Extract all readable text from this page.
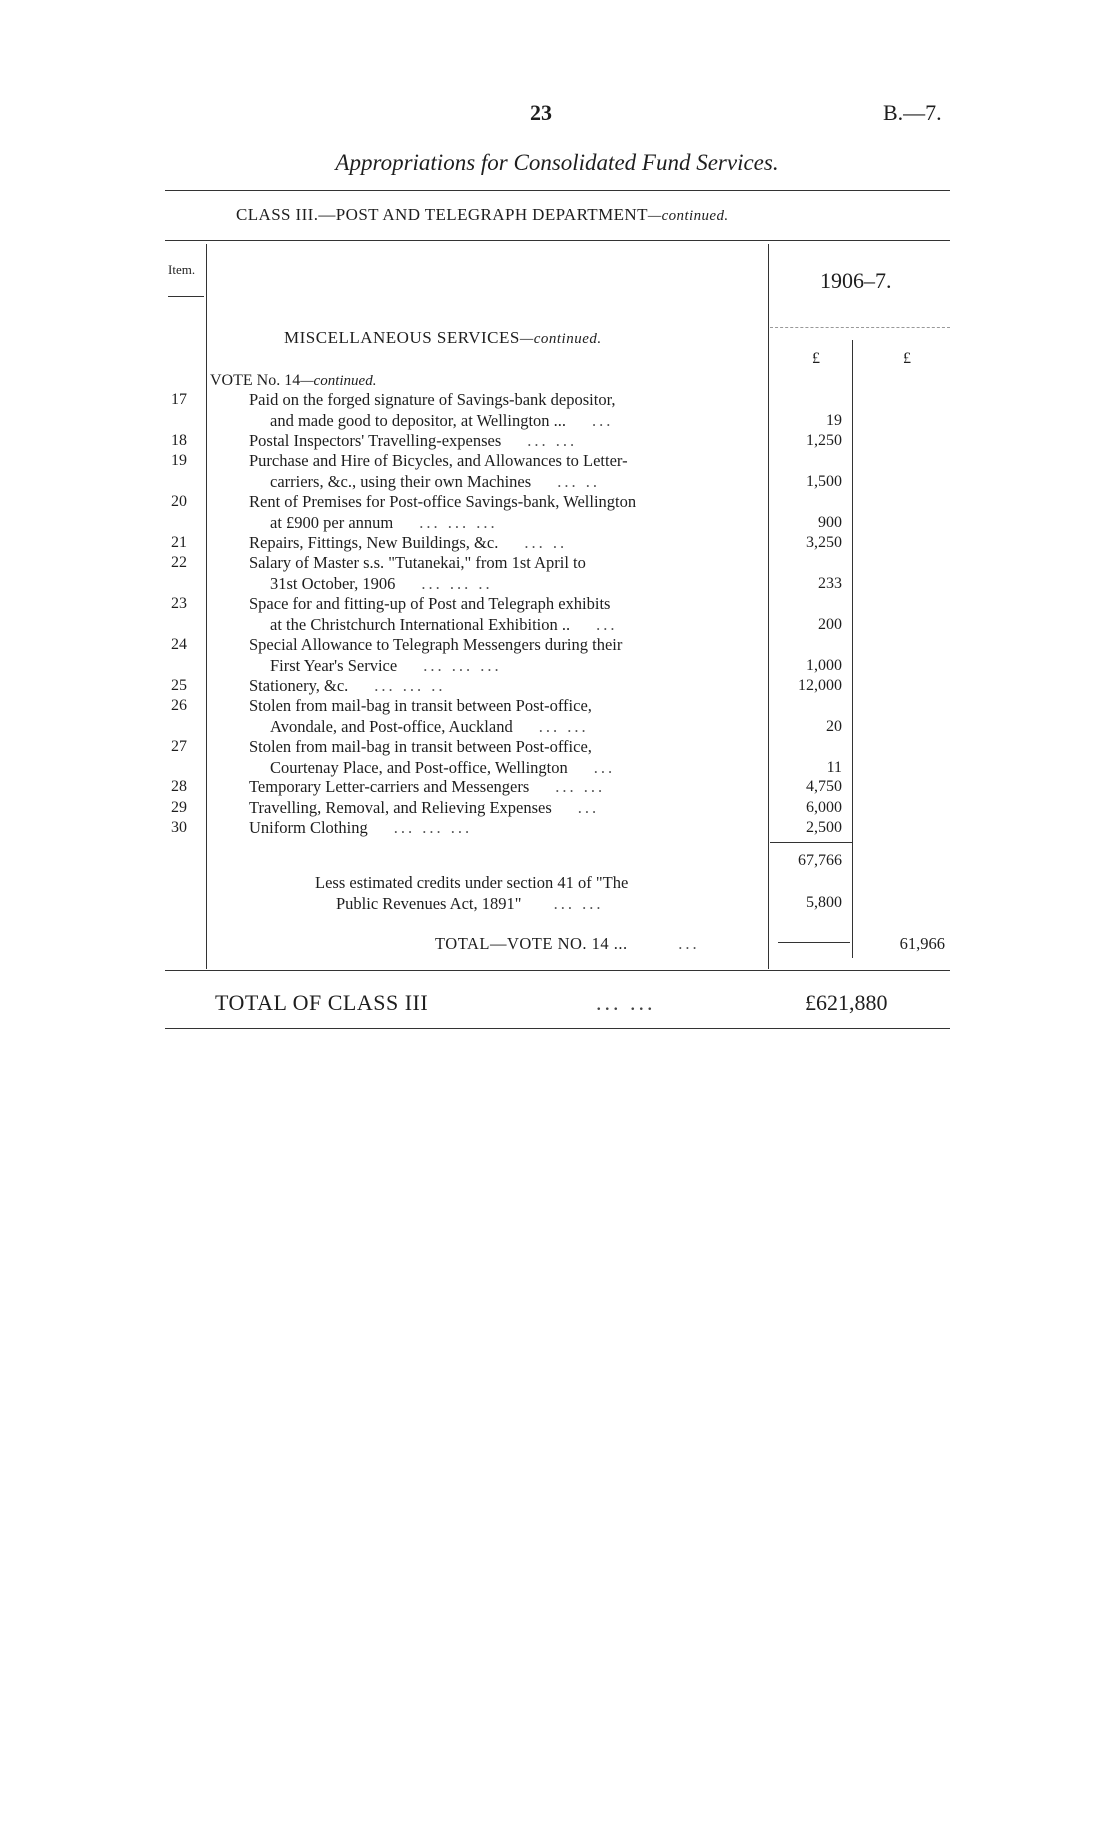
23	B.—7.
Appropriations for Consolidated Fund Services.
CLASS III.—POST AND TELEGRAPH DEPARTMENT—continued.
Item.	1906–7.
MISCELLANEOUS SERVICES—continued.
£	£
VOTE No. 14—continued.
17	Paid on the forged signature of Savings-bank depositor,
and made good to depositor, at Wellington ... ...	19
18	Postal Inspectors' Travelling-expenses ... ...	1,250
19	Purchase and Hire of Bicycles, and Allowances to Letter-
carriers, &c., using their own Machines ... ..	1,500
20	Rent of Premises for Post-office Savings-bank, Wellington
at £900 per annum ... ... ...	900
21	Repairs, Fittings, New Buildings, &c. ... ..	3,250
22	Salary of Master s.s. "Tutanekai," from 1st April to
31st October, 1906 ... ... ..	233
23	Space for and fitting-up of Post and Telegraph exhibits
at the Christchurch International Exhibition .. ...	200
24	Special Allowance to Telegraph Messengers during their
First Year's Service ... ... ...	1,000
25	Stationery, &c. ... ... ..	12,000
26	Stolen from mail-bag in transit between Post-office,
Avondale, and Post-office, Auckland ... ...	20
27	Stolen from mail-bag in transit between Post-office,
Courtenay Place, and Post-office, Wellington ...	11
28	Temporary Letter-carriers and Messengers ... ...	4,750
29	Travelling, Removal, and Relieving Expenses ...	6,000
30	Uniform Clothing ... ... ...	2,500
67,766
Less estimated credits under section 41 of "The
Public Revenues Act, 1891" ... ...	5,800
TOTAL—VOTE NO. 14 ...	...	61,966
TOTAL OF CLASS III	... ...	£621,880
